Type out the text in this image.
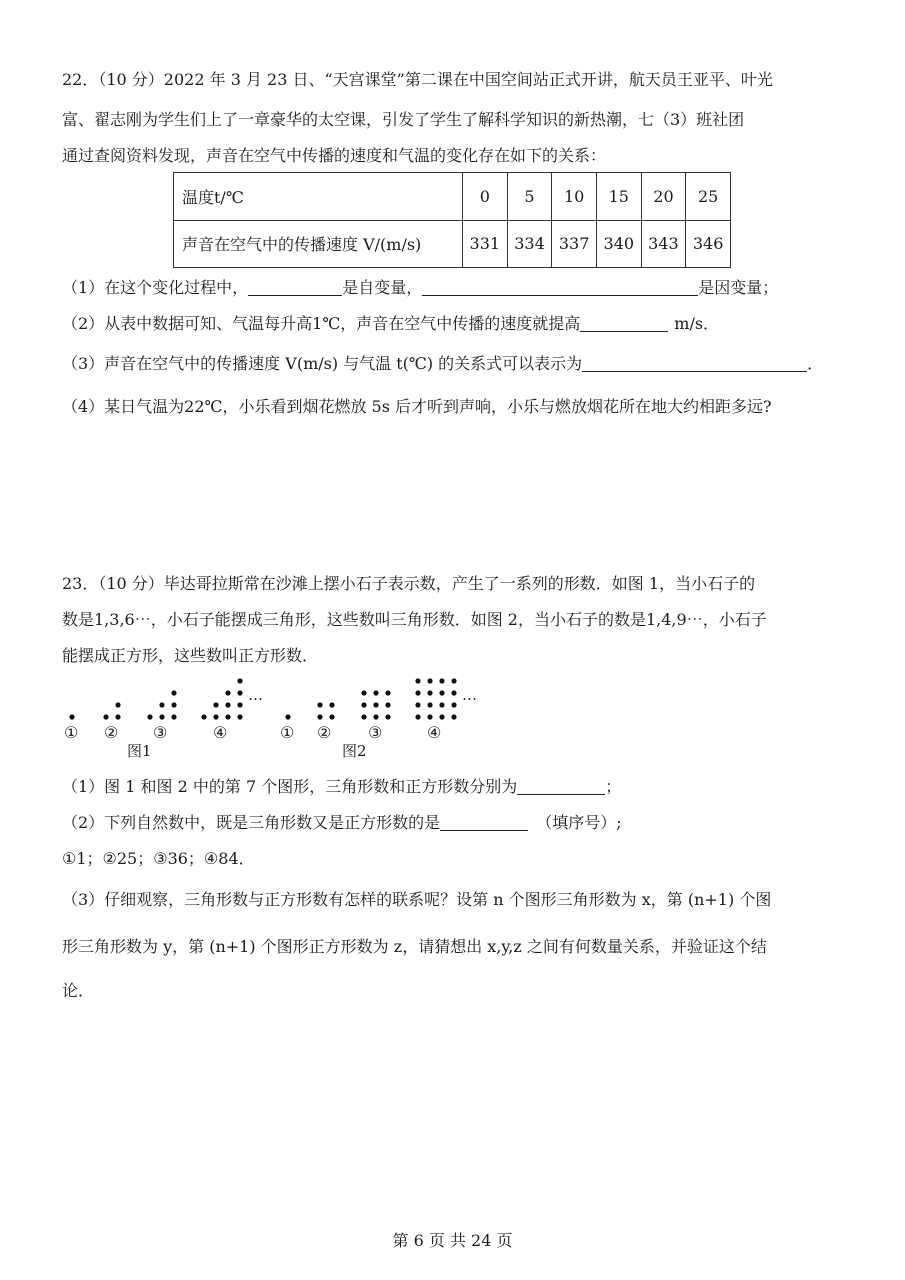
22．（10 分）2022 年 3 月 23 日、“天宫课堂”第二课在中国空间站正式开讲，航天员王亚平、叶光
富、翟志刚为学生们上了一章豪华的太空课，引发了学生了解科学知识的新热潮，七（3）班社团
通过查阅资料发现，声音在空气中传播的速度和气温的变化存在如下的关系：
温度t/℃	0	5	10	15	20	25
声音在空气中的传播速度 V/(m/s)	331	334	337	340	343	346
（1）在这个变化过程中，	是自变量，	是因变量；
（2）从表中数据可知、气温每升高1℃，声音在空气中传播的速度就提高	m/s．
（3）声音在空气中的传播速度 V(m/s) 与气温 t(℃) 的关系式可以表示为	．
（4）某日气温为22℃，小乐看到烟花燃放 5s 后才听到声响，小乐与燃放烟花所在地大约相距多远?
23．（10 分）毕达哥拉斯常在沙滩上摆小石子表示数，产生了一系列的形数．如图 1，当小石子的
数是1,3,6⋯，小石子能摆成三角形，这些数叫三角形数．如图 2，当小石子的数是1,4,9⋯，小石子
能摆成正方形，这些数叫正方形数．
…	…
① ② ③	④	① ② ③	④
图1	图2
（1）图 1 和图 2 中的第 7 个图形，三角形数和正方形数分别为	；
（2）下列自然数中，既是三角形数又是正方形数的是	（填序号）;
①1；②25；③36；④84．
（3）仔细观察，三角形数与正方形数有怎样的联系呢？设第 n 个图形三角形数为 x，第 (n+1) 个图
形三角形数为 y，第 (n+1) 个图形正方形数为 z，请猜想出 x,y,z 之间有何数量关系，并验证这个结
论．
第 6 页 共 24 页
